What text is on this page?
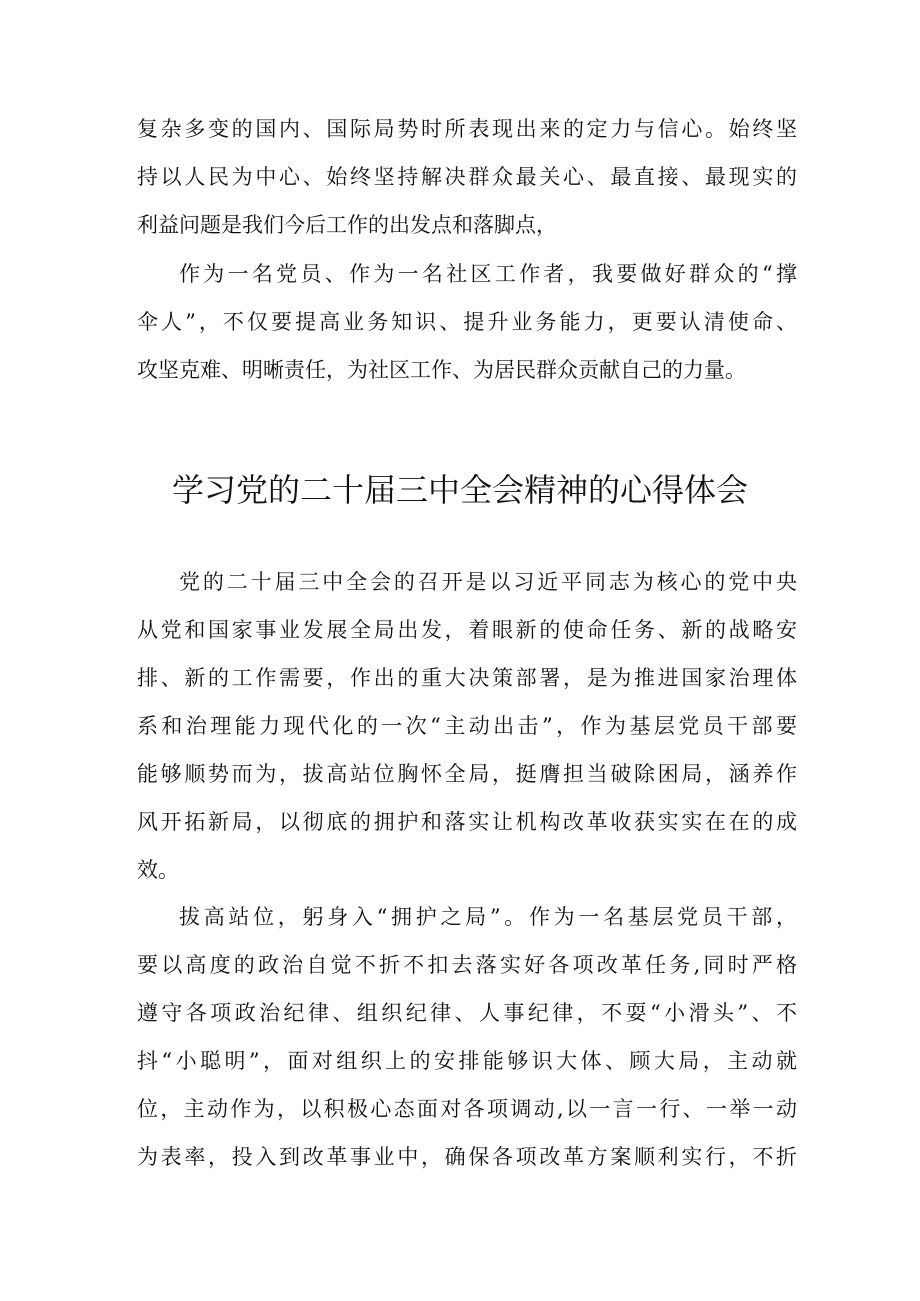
复杂多变的国内、国际局势时所表现出来的定力与信心。始终坚
持以人民为中心、始终坚持解决群众最关心、最直接、最现实的
利益问题是我们今后工作的出发点和落脚点，
作为一名党员、作为一名社区工作者，我要做好群众的“撑
伞人”，不仅要提高业务知识、提升业务能力，更要认清使命、
攻坚克难、明晰责任，为社区工作、为居民群众贡献自己的力量。
学习党的二十届三中全会精神的心得体会
党的二十届三中全会的召开是以习近平同志为核心的党中央
从党和国家事业发展全局出发，着眼新的使命任务、新的战略安
排、新的工作需要，作出的重大决策部署，是为推进国家治理体
系和治理能力现代化的一次“主动出击”，作为基层党员干部要
能够顺势而为，拔高站位胸怀全局，挺膺担当破除困局，涵养作
风开拓新局，以彻底的拥护和落实让机构改革收获实实在在的成
效。
拔高站位，躬身入“拥护之局”。作为一名基层党员干部，
要以高度的政治自觉不折不扣去落实好各项改革任务,同时严格
遵守各项政治纪律、组织纪律、人事纪律，不耍“小滑头”、不
抖“小聪明”，面对组织上的安排能够识大体、顾大局，主动就
位，主动作为，以积极心态面对各项调动,以一言一行、一举一动
为表率，投入到改革事业中，确保各项改革方案顺利实行，不折
